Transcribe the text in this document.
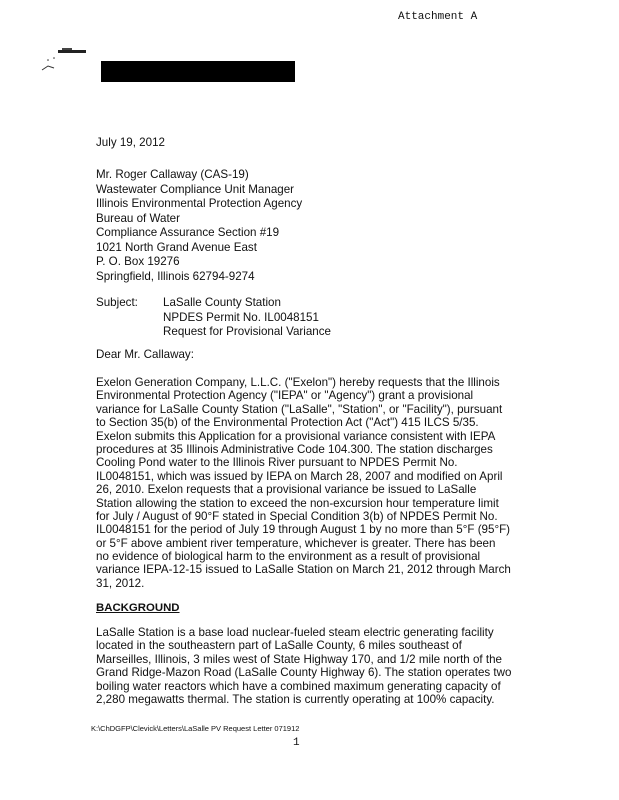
Attachment A
July 19, 2012
Mr. Roger Callaway (CAS-19)
Wastewater Compliance Unit Manager
Illinois Environmental Protection Agency
Bureau of Water
Compliance Assurance Section #19
1021 North Grand Avenue East
P. O. Box 19276
Springfield, Illinois 62794-9274
Subject: LaSalle County Station
NPDES Permit No. IL0048151
Request for Provisional Variance
Dear Mr. Callaway:
Exelon Generation Company, L.L.C. ("Exelon") hereby requests that the Illinois
Environmental Protection Agency ("IEPA" or "Agency") grant a provisional
variance for LaSalle County Station ("LaSalle", "Station", or "Facility"), pursuant
to Section 35(b) of the Environmental Protection Act ("Act") 415 ILCS 5/35.
Exelon submits this Application for a provisional variance consistent with IEPA
procedures at 35 Illinois Administrative Code 104.300. The station discharges
Cooling Pond water to the Illinois River pursuant to NPDES Permit No.
IL0048151, which was issued by IEPA on March 28, 2007 and modified on April
26, 2010. Exelon requests that a provisional variance be issued to LaSalle
Station allowing the station to exceed the non-excursion hour temperature limit
for July / August of 90°F stated in Special Condition 3(b) of NPDES Permit No.
IL0048151 for the period of July 19 through August 1 by no more than 5°F (95°F)
or 5°F above ambient river temperature, whichever is greater. There has been
no evidence of biological harm to the environment as a result of provisional
variance IEPA-12-15 issued to LaSalle Station on March 21, 2012 through March
31, 2012.
BACKGROUND
LaSalle Station is a base load nuclear-fueled steam electric generating facility
located in the southeastern part of LaSalle County, 6 miles southeast of
Marseilles, Illinois, 3 miles west of State Highway 170, and 1/2 mile north of the
Grand Ridge-Mazon Road (LaSalle County Highway 6). The station operates two
boiling water reactors which have a combined maximum generating capacity of
2,280 megawatts thermal. The station is currently operating at 100% capacity.
K:\ChDGFP\Clevick\Letters\LaSalle PV Request Letter 071912
1
